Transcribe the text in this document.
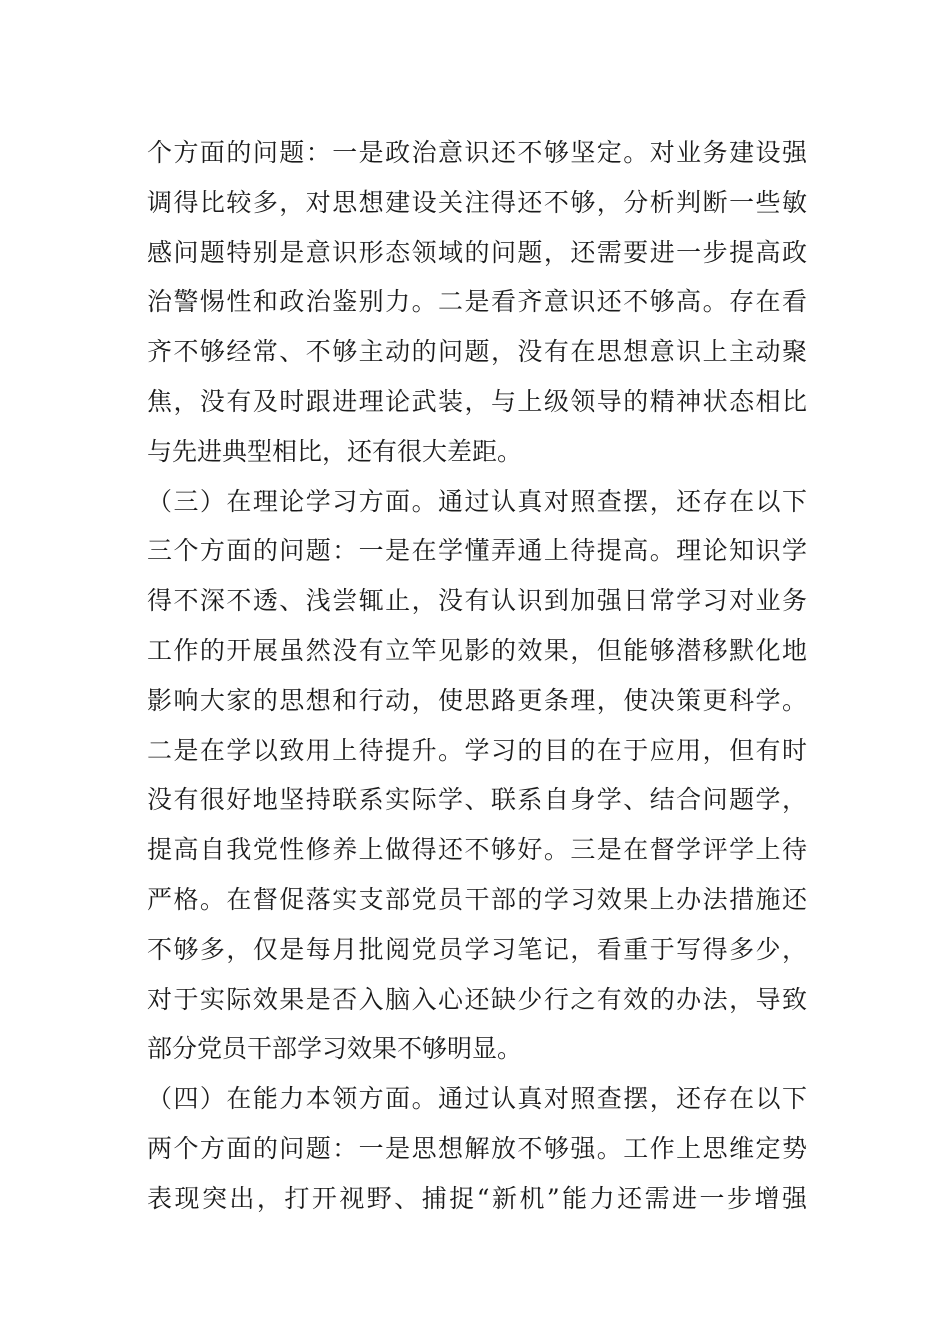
个方面的问题：一是政治意识还不够坚定。对业务建设强
调得比较多，对思想建设关注得还不够，分析判断一些敏
感问题特别是意识形态领域的问题，还需要进一步提高政
治警惕性和政治鉴别力。二是看齐意识还不够高。存在看
齐不够经常、不够主动的问题，没有在思想意识上主动聚
焦，没有及时跟进理论武装，与上级领导的精神状态相比
与先进典型相比，还有很大差距。
（三）在理论学习方面。通过认真对照查摆，还存在以下
三个方面的问题：一是在学懂弄通上待提高。理论知识学
得不深不透、浅尝辄止，没有认识到加强日常学习对业务
工作的开展虽然没有立竿见影的效果，但能够潜移默化地
影响大家的思想和行动，使思路更条理，使决策更科学。
二是在学以致用上待提升。学习的目的在于应用，但有时
没有很好地坚持联系实际学、联系自身学、结合问题学，
提高自我党性修养上做得还不够好。三是在督学评学上待
严格。在督促落实支部党员干部的学习效果上办法措施还
不够多，仅是每月批阅党员学习笔记，看重于写得多少，
对于实际效果是否入脑入心还缺少行之有效的办法，导致
部分党员干部学习效果不够明显。
（四）在能力本领方面。通过认真对照查摆，还存在以下
两个方面的问题：一是思想解放不够强。工作上思维定势
表现突出，打开视野、捕捉“新机”能力还需进一步增强
